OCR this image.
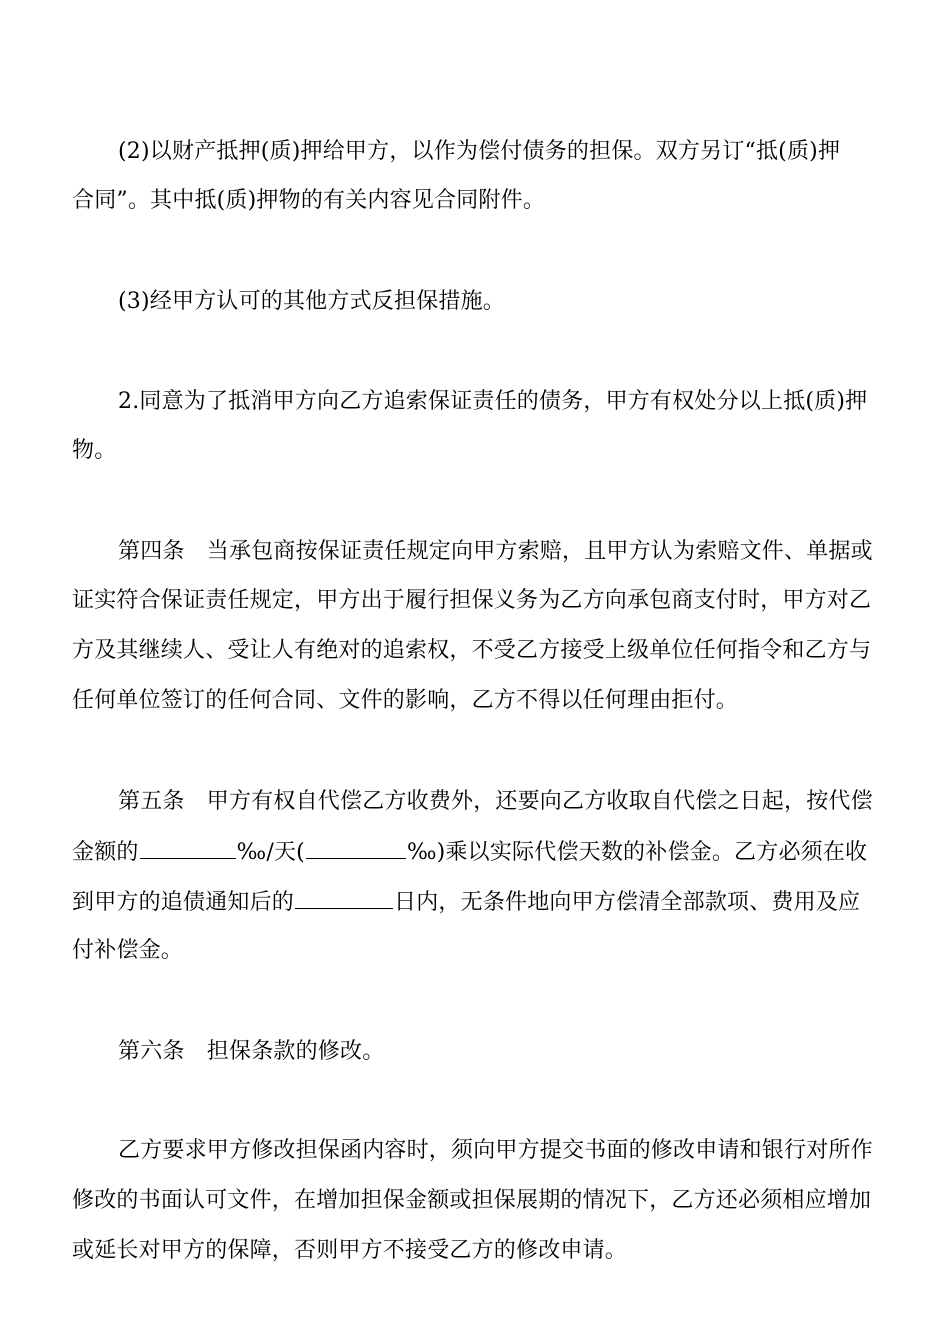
(2)以财产抵押(质)押给甲方，以作为偿付债务的担保。双方另订“抵(质)押
合同”。其中抵(质)押物的有关内容见合同附件。
(3)经甲方认可的其他方式反担保措施。
2.同意为了抵消甲方向乙方追索保证责任的债务，甲方有权处分以上抵(质)押
物。
第四条　当承包商按保证责任规定向甲方索赔，且甲方认为索赔文件、单据或
证实符合保证责任规定，甲方出于履行担保义务为乙方向承包商支付时，甲方对乙
方及其继续人、受让人有绝对的追索权，不受乙方接受上级单位任何指令和乙方与
任何单位签订的任何合同、文件的影响，乙方不得以任何理由拒付。
第五条　甲方有权自代偿乙方收费外，还要向乙方收取自代偿之日起，按代偿
金额的	‰/天(	‰)乘以实际代偿天数的补偿金。乙方必须在收
到甲方的追债通知后的	日内，无条件地向甲方偿清全部款项、费用及应
付补偿金。
第六条　担保条款的修改。
乙方要求甲方修改担保函内容时，须向甲方提交书面的修改申请和银行对所作
修改的书面认可文件，在增加担保金额或担保展期的情况下，乙方还必须相应增加
或延长对甲方的保障，否则甲方不接受乙方的修改申请。
